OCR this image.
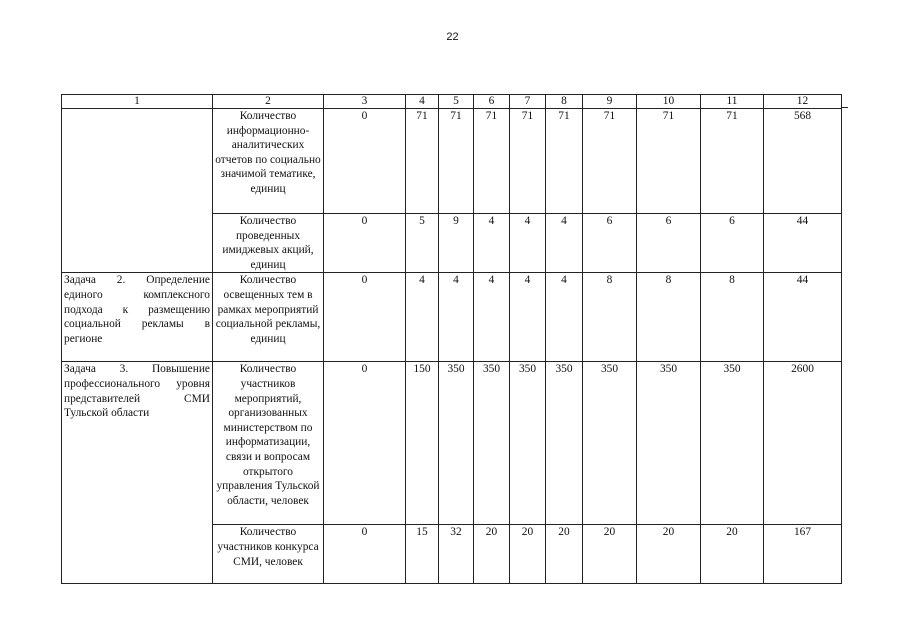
22
1	2	3	4	5	6	7	8	9	10	11	12
	Количество информационно-аналитических отчетов по социально значимой тематике, единиц	0	71	71	71	71	71	71	71	71	568
	Количество проведенных имиджевых акций, единиц	0	5	9	4	4	4	6	6	6	44
Задача 2. Определение единого комплексного подхода к размещению социальной рекламы в регионе	Количество освещенных тем в рамках мероприятий социальной рекламы, единиц	0	4	4	4	4	4	8	8	8	44
Задача 3. Повышение профессионального уровня представителей СМИ Тульской области	Количество участников мероприятий, организованных министерством по информатизации, связи и вопросам открытого управления Тульской области, человек	0	150	350	350	350	350	350	350	350	2600
	Количество участников конкурса СМИ, человек	0	15	32	20	20	20	20	20	20	167
